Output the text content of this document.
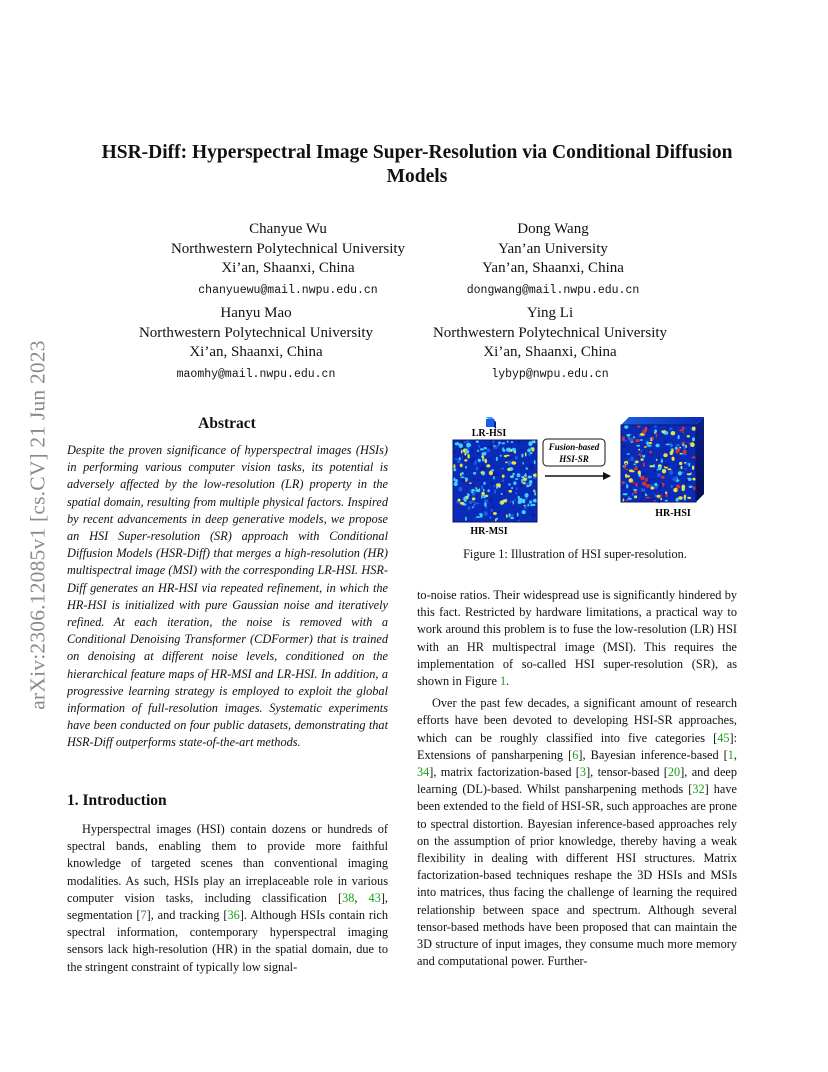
arXiv:2306.12085v1 [cs.CV] 21 Jun 2023
HSR-Diff: Hyperspectral Image Super-Resolution via Conditional Diffusion Models
Chanyue Wu
Northwestern Polytechnical University
Xi’an, Shaanxi, China
chanyuewu@mail.nwpu.edu.cn
Dong Wang
Yan’an University
Yan’an, Shaanxi, China
dongwang@mail.nwpu.edu.cn
Hanyu Mao
Northwestern Polytechnical University
Xi’an, Shaanxi, China
maomhy@mail.nwpu.edu.cn
Ying Li
Northwestern Polytechnical University
Xi’an, Shaanxi, China
lybyp@nwpu.edu.cn
Abstract
Despite the proven significance of hyperspectral images (HSIs) in performing various computer vision tasks, its potential is adversely affected by the low-resolution (LR) property in the spatial domain, resulting from multiple physical factors. Inspired by recent advancements in deep generative models, we propose an HSI Super-resolution (SR) approach with Conditional Diffusion Models (HSR-Diff) that merges a high-resolution (HR) multispectral image (MSI) with the corresponding LR-HSI. HSR-Diff generates an HR-HSI via repeated refinement, in which the HR-HSI is initialized with pure Gaussian noise and iteratively refined. At each iteration, the noise is removed with a Conditional Denoising Transformer (CDFormer) that is trained on denoising at different noise levels, conditioned on the hierarchical feature maps of HR-MSI and LR-HSI. In addition, a progressive learning strategy is employed to exploit the global information of full-resolution images. Systematic experiments have been conducted on four public datasets, demonstrating that HSR-Diff outperforms state-of-the-art methods.
1. Introduction

Hyperspectral images (HSI) contain dozens or hundreds of spectral bands, enabling them to provide more faithful knowledge of targeted scenes than conventional imaging modalities. As such, HSIs play an irreplaceable role in various computer vision tasks, including classification [38, 43], segmentation [7], and tracking [36]. Although HSIs contain rich spectral information, contemporary hyperspectral imaging sensors lack high-resolution (HR) in the spatial domain, due to the stringent constraint of typically low signal-

LR-HSI
HR-MSI
Fusion-based
HSI-SR
HR-HSI
Figure 1: Illustration of HSI super-resolution.

to-noise ratios. Their widespread use is significantly hindered by this fact. Restricted by hardware limitations, a practical way to work around this problem is to fuse the low-resolution (LR) HSI with an HR multispectral image (MSI). This requires the implementation of so-called HSI super-resolution (SR), as shown in Figure 1.

Over the past few decades, a significant amount of research efforts have been devoted to developing HSI-SR approaches, which can be roughly classified into five categories [45]: Extensions of pansharpening [6], Bayesian inference-based [1, 34], matrix factorization-based [3], tensor-based [20], and deep learning (DL)-based. Whilst pansharpening methods [32] have been extended to the field of HSI-SR, such approaches are prone to spectral distortion. Bayesian inference-based approaches rely on the assumption of prior knowledge, thereby having a weak flexibility in dealing with different HSI structures. Matrix factorization-based techniques reshape the 3D HSIs and MSIs into matrices, thus facing the challenge of learning the required relationship between space and spectrum. Although several tensor-based methods have been proposed that can maintain the 3D structure of input images, they consume much more memory and computational power. Further-
